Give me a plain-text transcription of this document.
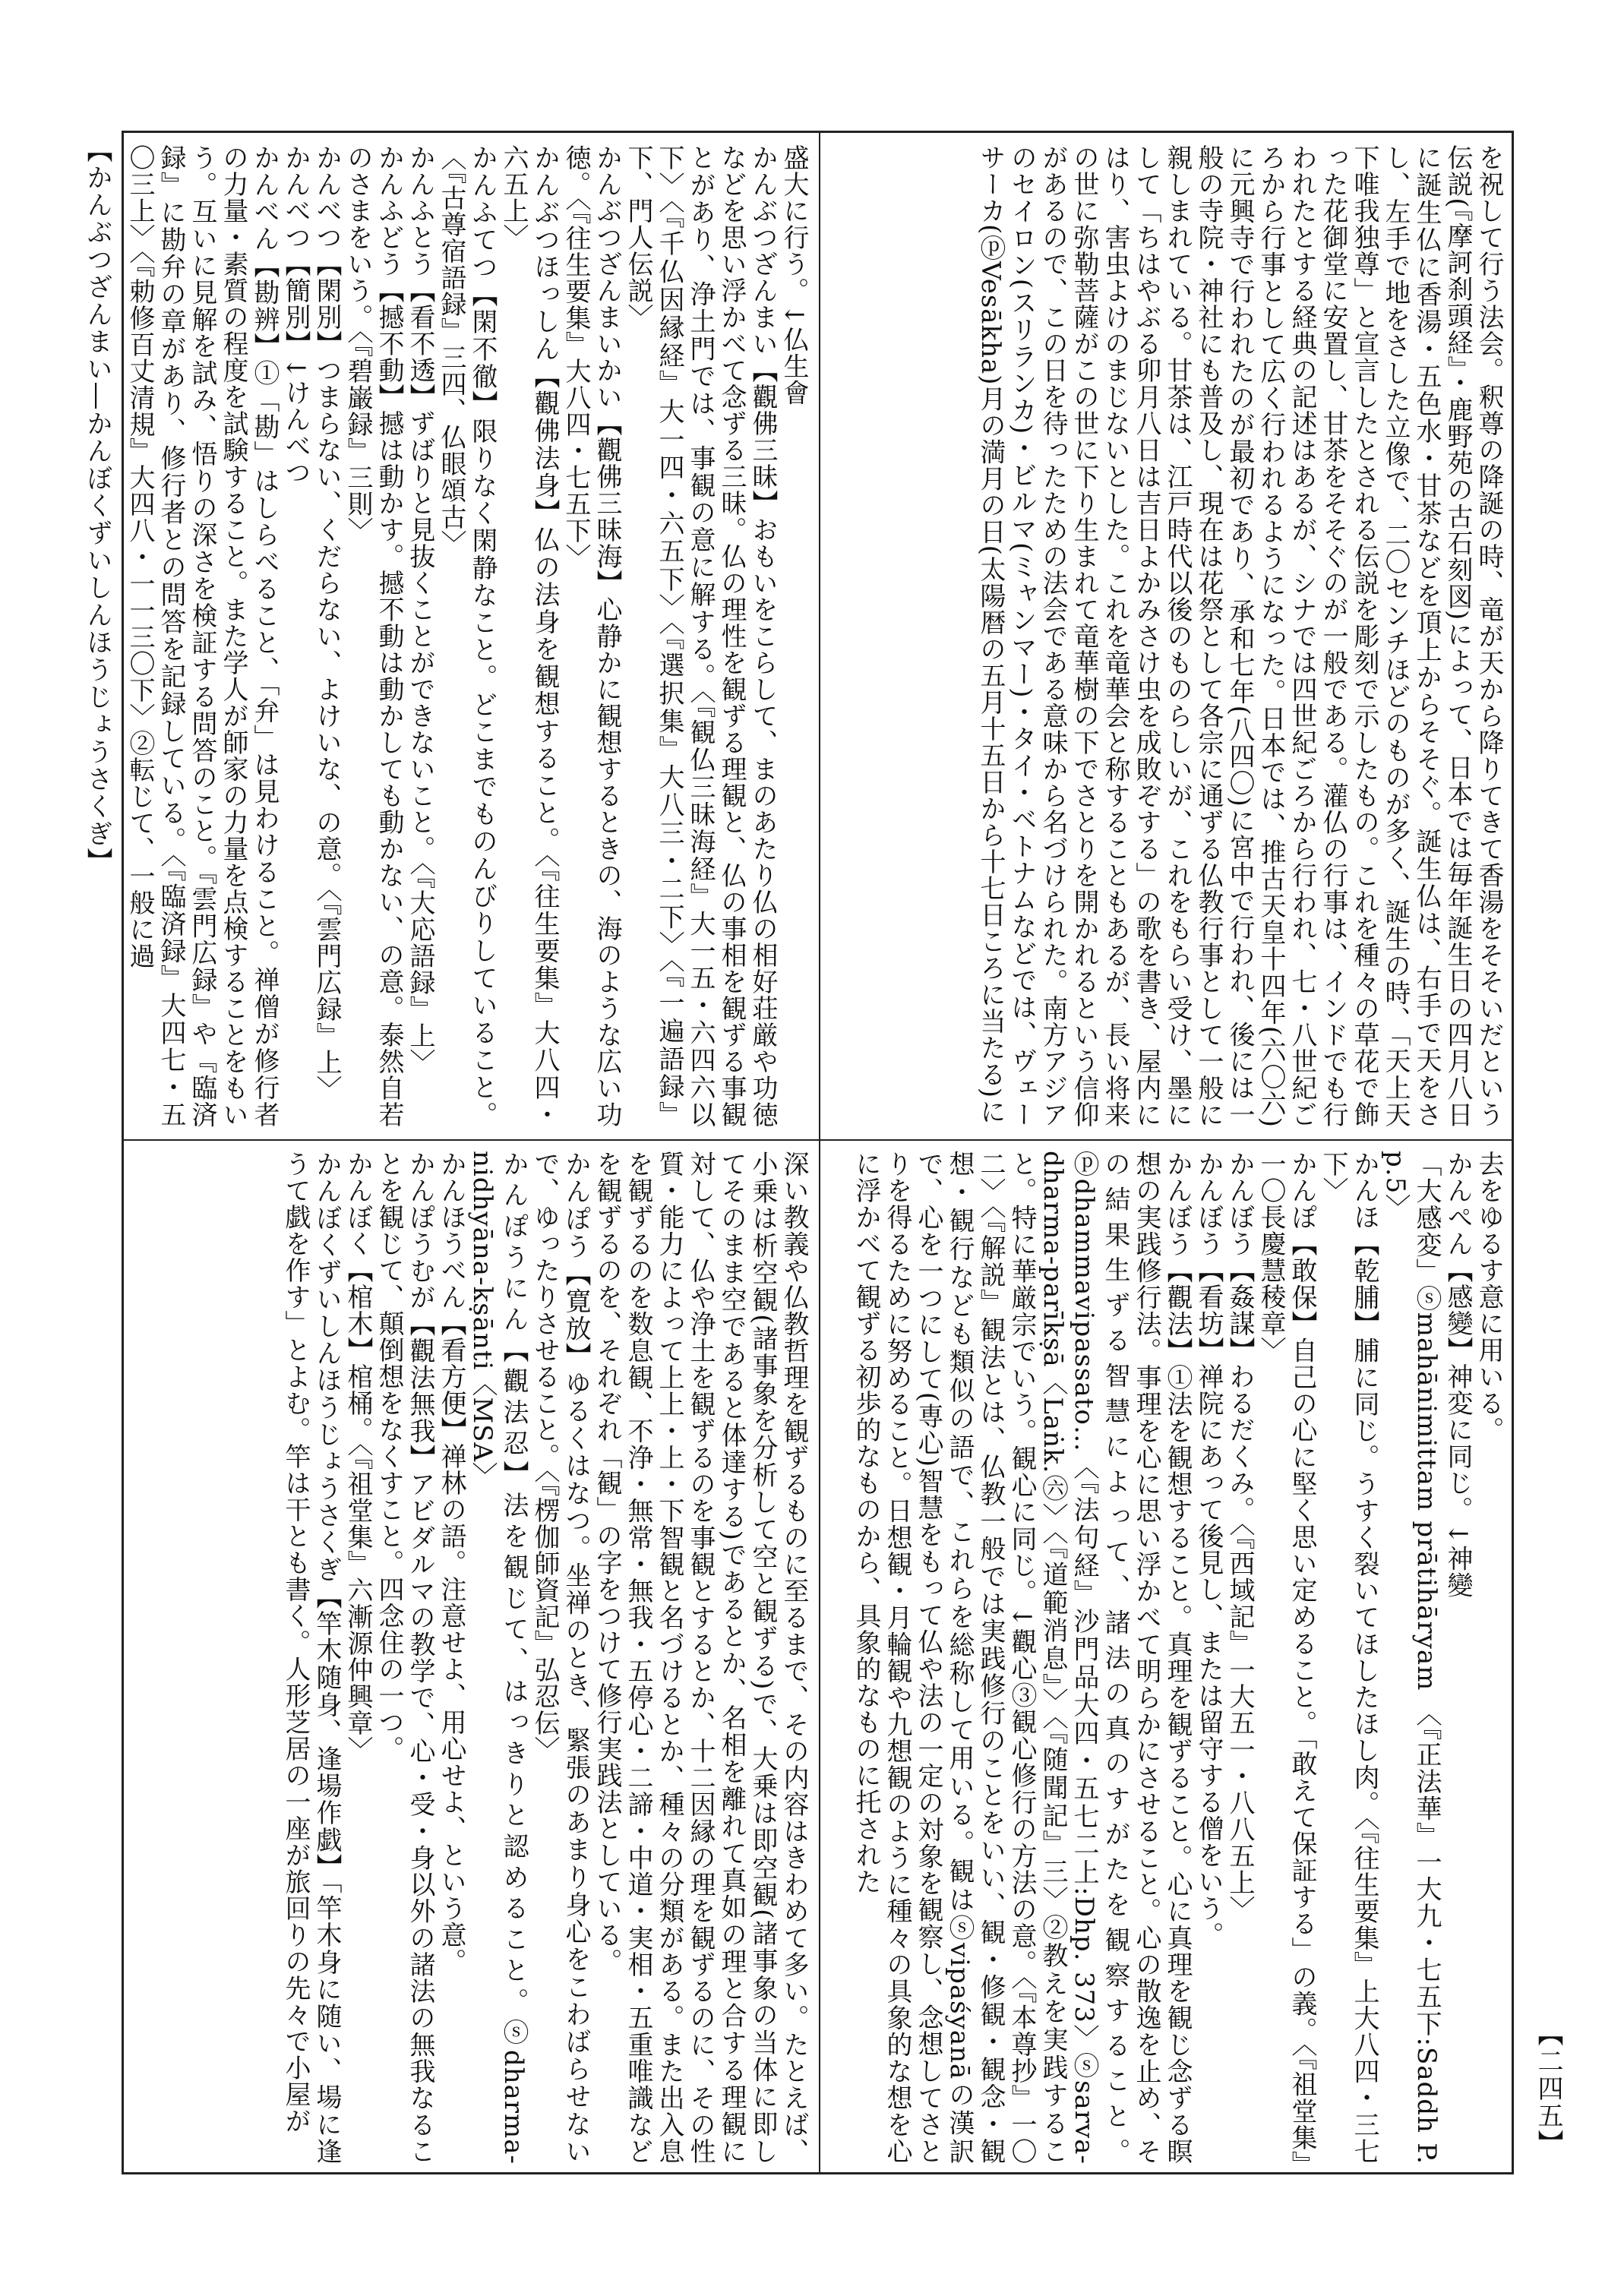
【かんぶつざんまい―かんぼくずいしんほうじょうさくぎ】
【二四五】

を祝して行う法会。釈尊の降誕の時、竜が天から降りてきて香湯をそそいだという伝説(『摩訶刹頭経』・鹿野苑の古石刻図)によって、日本では毎年誕生日の四月八日に誕生仏に香湯・五色水・甘茶などを頂上からそそぐ。誕生仏は、右手で天をさし、左手で地をさした立像で、二〇センチほどのものが多く、誕生の時、「天上天下唯我独尊」と宣言したとされる伝説を彫刻で示したもの。これを種々の草花で飾った花御堂に安置し、甘茶をそそぐのが一般である。灌仏の行事は、インドでも行われたとする経典の記述はあるが、シナでは四世紀ごろから行われ、七・八世紀ごろから行事として広く行われるようになった。日本では、推古天皇十四年(六〇六)に元興寺で行われたのが最初であり、承和七年(八四〇)に宮中で行われ、後には一般の寺院・神社にも普及し、現在は花祭として各宗に通ずる仏教行事として一般に親しまれている。甘茶は、江戸時代以後のものらしいが、これをもらい受け、墨にして「ちはやぶる卯月八日は吉日よかみさけ虫を成敗ぞする」の歌を書き、屋内にはり、害虫よけのまじないとした。これを竜華会と称することもあるが、長い将来の世に弥勒菩薩がこの世に下り生まれて竜華樹の下でさとりを開かれるという信仰があるので、この日を待ったための法会である意味から名づけられた。南方アジアのセイロン(スリランカ)・ビルマ(ミャンマー)・タイ・ベトナムなどでは、ヴェーサーカ(ⓟVesākha)月の満月の日(太陽暦の五月十五日から十七日ころに当たる)に

盛大に行う。↓仏生會

かんぶつざんまい【觀佛三昧】おもいをこらして、まのあたり仏の相好荘厳や功徳などを思い浮かべて念ずる三昧。仏の理性を観ずる理観と、仏の事相を観ずる事観とがあり、浄土門では、事観の意に解する。〈『観仏三昧海経』大一五・六四六以下〉〈『千仏因縁経』大一四・六五下〉〈『選択集』大八三・二下〉〈『一遍語録』下、門人伝説〉

かんぶつざんまいかい【觀佛三昧海】心静かに観想するときの、海のような広い功徳。〈『往生要集』大八四・七五下〉

かんぶつほっしん【觀佛法身】仏の法身を観想すること。〈『往生要集』大八四・六五上〉

かんふてつ【閑不徹】限りなく閑静なこと。どこまでものんびりしていること。〈『古尊宿語録』三四、仏眼頌古〉

かんふとう【看不透】ずばりと見抜くことができないこと。〈『大応語録』上〉

かんふどう【撼不動】撼は動かす。撼不動は動かしても動かない、の意。泰然自若のさまをいう。〈『碧巌録』三則〉

かんべつ【閑別】つまらない、くだらない、よけいな、の意。〈『雲門広録』上〉

かんべつ【簡別】↓けんべつ

かんべん【勘辨】①「勘」はしらべること、「弁」は見わけること。禅僧が修行者の力量・素質の程度を試験すること。また学人が師家の力量を点検することをもいう。互いに見解を試み、悟りの深さを検証する問答のこと。『雲門広録』や『臨済録』に勘弁の章があり、修行者との問答を記録している。〈『臨済録』大四七・五〇三上〉〈『勅修百丈清規』大四八・一一三〇下〉②転じて、一般に過

去をゆるす意に用いる。

かんぺん【感變】神変に同じ。↓神變

「大感変」ⓢmahānimittam prātihāryam 〈『正法華』一大九・七五下:Saddh P. p.5〉

かんほ【乾脯】脯に同じ。うすく裂いてほしたほし肉。〈『往生要集』上大八四・三七下〉

かんぽ【敢保】自己の心に堅く思い定めること。「敢えて保証する」の義。〈『祖堂集』一〇長慶慧稜章〉

かんぼう【姦謀】わるだくみ。〈『西域記』一大五一・八八五上〉

かんぼう【看坊】禅院にあって後見し、または留守する僧をいう。

かんぼう【觀法】①法を観想すること。真理を観ずること。心に真理を観じ念ずる瞑想の実践修行法。事理を心に思い浮かべて明らかにさせること。心の散逸を止め、その結果生ずる智慧によって、諸法の真のすがたを観察すること。ⓟdhammavipassato…〈『法句経』沙門品大四・五七二上:Dhp. 373〉ⓢsarva-dharma-parīkṣā〈Laṅk.㊅〉〈『道範消息』〉〈『随聞記』三〉②教えを実践すること。特に華厳宗でいう。観心に同じ。↓觀心③観心修行の方法の意。〈『本尊抄』一〇二〉〈『解説』観法とは、仏教一般では実践修行のことをいい、観・修観・観念・観想・観行なども類似の語で、これらを総称して用いる。観はⓢvipaśyanāの漢訳で、心を一つにして(専心)智慧をもって仏や法の一定の対象を観察し、念想してさとりを得るために努めること。日想観・月輪観や九想観のように種々の具象的な想を心に浮かべて観ずる初歩的なものから、具象的なものに托された

深い教義や仏教哲理を観ずるものに至るまで、その内容はきわめて多い。たとえば、小乗は析空観(諸事象を分析して空と観ずる)で、大乗は即空観(諸事象の当体に即してそのまま空であると体達する)であるとか、名相を離れて真如の理と合する理観に対して、仏や浄土を観ずるのを事観とするとか、十二因縁の理を観ずるのに、その性質・能力によって上上・上・下智観と名づけるとか、種々の分類がある。また出入息を観ずるのを数息観、不浄・無常・無我・五停心・二諦・中道・実相・五重唯識などを観ずるのを、それぞれ「観」の字をつけて修行実践法としている。

かんぽう【寛放】ゆるくはなつ。坐禅のとき、緊張のあまり身心をこわばらせないで、ゆったりさせること。〈『楞伽師資記』弘忍伝〉

かんぽうにん【觀法忍】法を観じて、はっきりと認めること。ⓢdharma-nidhyāna-kṣānti〈MSA〉

かんほうべん【看方便】禅林の語。注意せよ、用心せよ、という意。

かんぽうむが【觀法無我】アビダルマの教学で、心・受・身以外の諸法の無我なることを観じて、顛倒想をなくすこと。四念住の一つ。

かんぼく【棺木】棺桶。〈『祖堂集』六漸源仲興章〉

かんぼくずいしんほうじょうさくぎ【竿木随身、逢場作戯】「竿木身に随い、場に逢うて戯を作す」とよむ。竿は干とも書く。人形芝居の一座が旅回りの先々で小屋が
